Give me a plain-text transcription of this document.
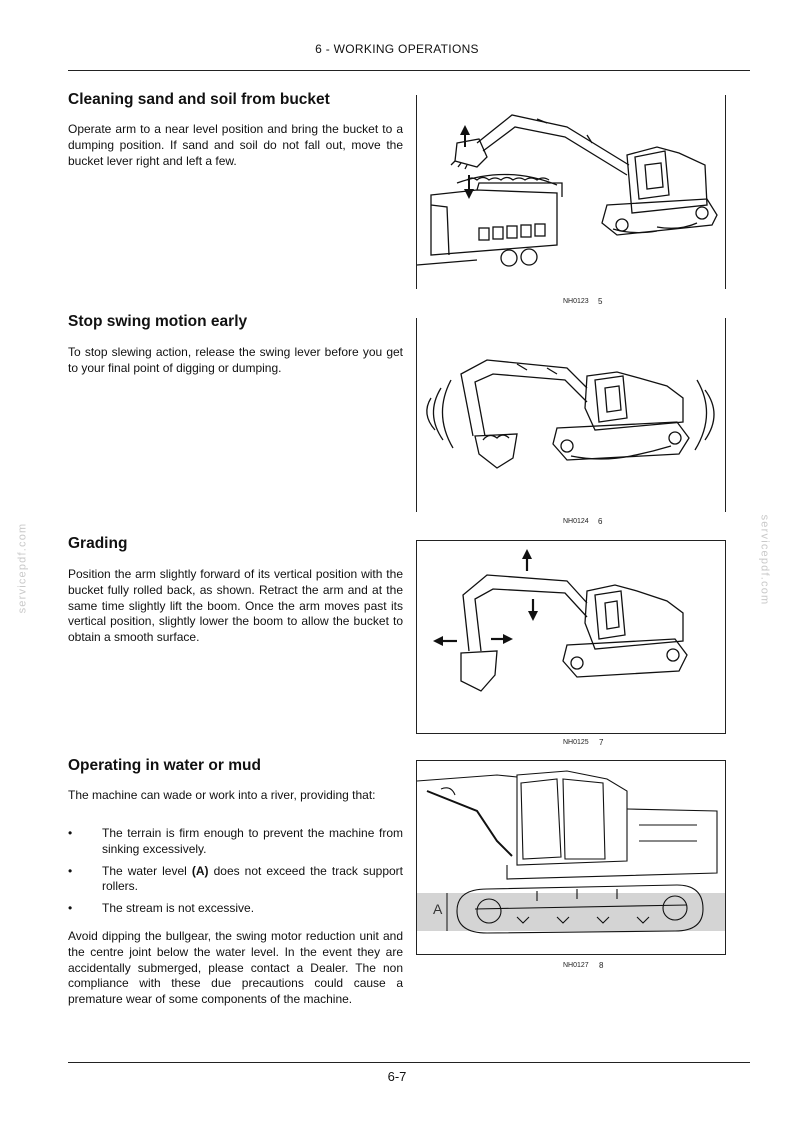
6 - WORKING OPERATIONS
servicepdf.com	servicepdf.com
Cleaning sand and soil from bucket
Operate arm to a near level position and bring the bucket to a dumping position. If sand and soil do not fall out, move the bucket lever right and left a few.
NH0123 5
Stop swing motion early
To stop slewing action, release the swing lever before you get to your final point of digging or dumping.
NH0124 6
Grading
Position the arm slightly forward of its vertical position with the bucket fully rolled back, as shown. Retract the arm and at the same time slightly lift the boom. Once the arm moves past its vertical position, slightly lower the boom to allow the bucket to obtain a smooth surface.
NH0125 7
Operating in water or mud
The machine can wade or work into a river, providing that:
• The terrain is firm enough to prevent the machine from sinking excessively.
• The water level (A) does not exceed the track support rollers.
• The stream is not excessive.
Avoid dipping the bullgear, the swing motor reduction unit and the centre joint below the water level. In the event they are accidentally submerged, please contact a Dealer. The non compliance with these due precautions could cause a premature wear of some components of the machine.
A
NH0127 8
6-7
